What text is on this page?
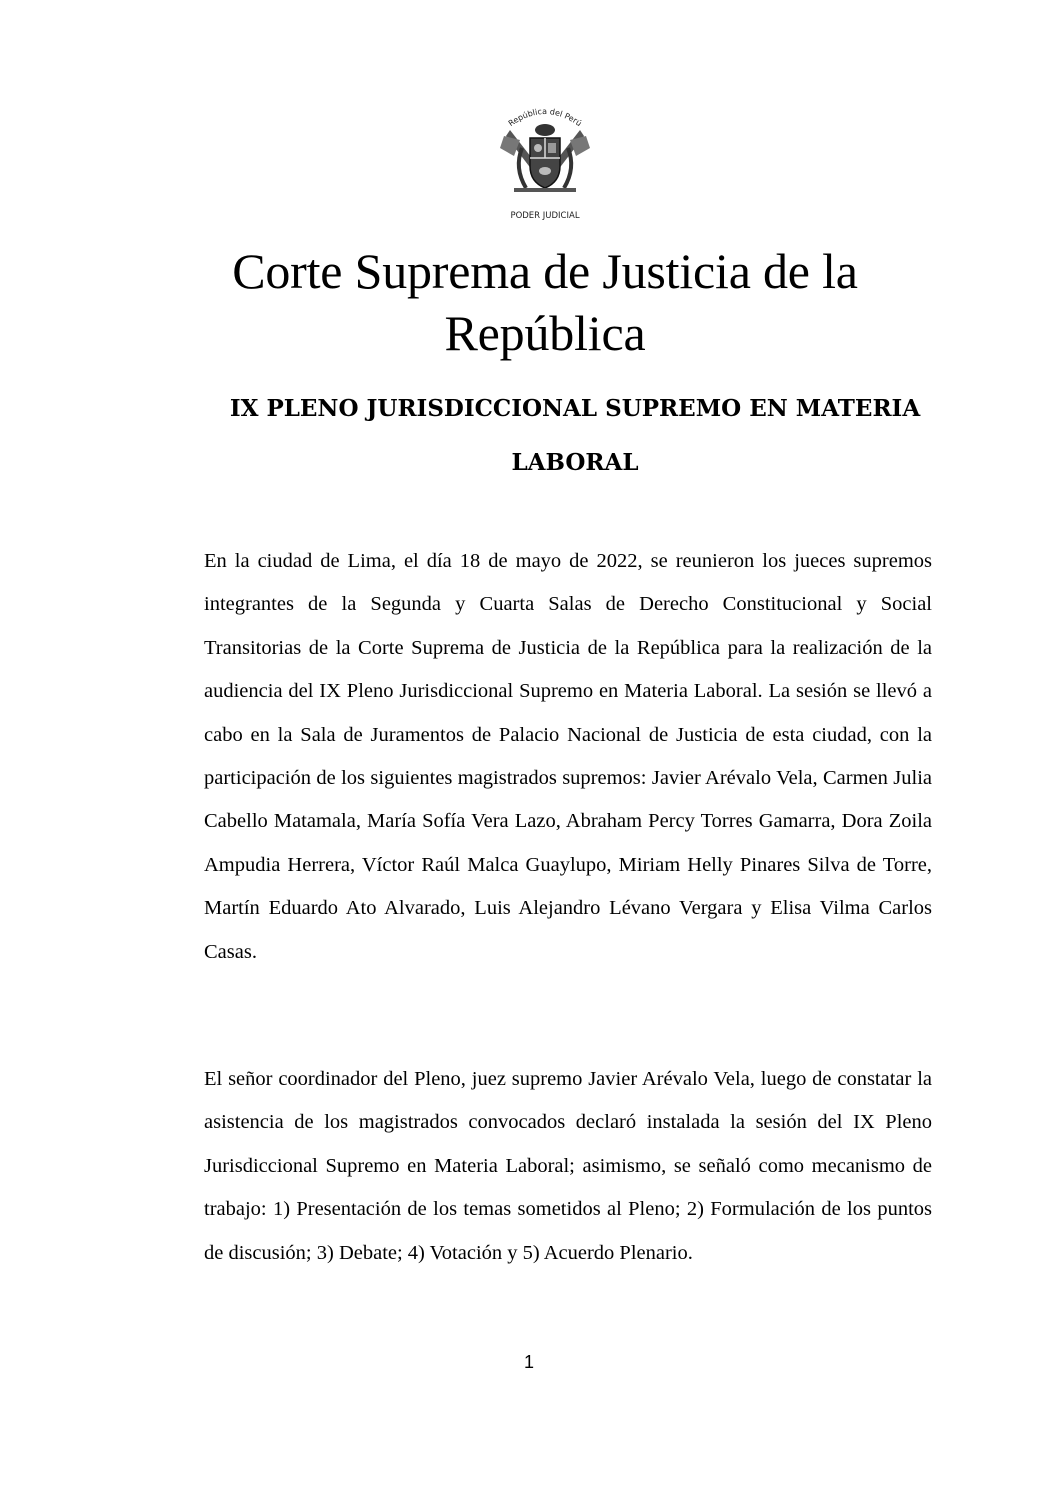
República del Perú
PODER JUDICIAL
Corte Suprema de Justicia de la República
IX PLENO JURISDICCIONAL SUPREMO EN MATERIA LABORAL

En la ciudad de Lima, el día 18 de mayo de 2022, se reunieron los jueces supremos integrantes de la Segunda y Cuarta Salas de Derecho Constitucional y Social Transitorias de la Corte Suprema de Justicia de la República para la realización de la audiencia del IX Pleno Jurisdiccional Supremo en Materia Laboral. La sesión se llevó a cabo en la Sala de Juramentos de Palacio Nacional de Justicia de esta ciudad, con la participación de los siguientes magistrados supremos: Javier Arévalo Vela, Carmen Julia Cabello Matamala, María Sofía Vera Lazo, Abraham Percy Torres Gamarra, Dora Zoila Ampudia Herrera, Víctor Raúl Malca Guaylupo, Miriam Helly Pinares Silva de Torre, Martín Eduardo Ato Alvarado, Luis Alejandro Lévano Vergara y Elisa Vilma Carlos Casas.

El señor coordinador del Pleno, juez supremo Javier Arévalo Vela, luego de constatar la asistencia de los magistrados convocados declaró instalada la sesión del IX Pleno Jurisdiccional Supremo en Materia Laboral; asimismo, se señaló como mecanismo de trabajo: 1) Presentación de los temas sometidos al Pleno; 2) Formulación de los puntos de discusión; 3) Debate; 4) Votación y 5) Acuerdo Plenario.

1
